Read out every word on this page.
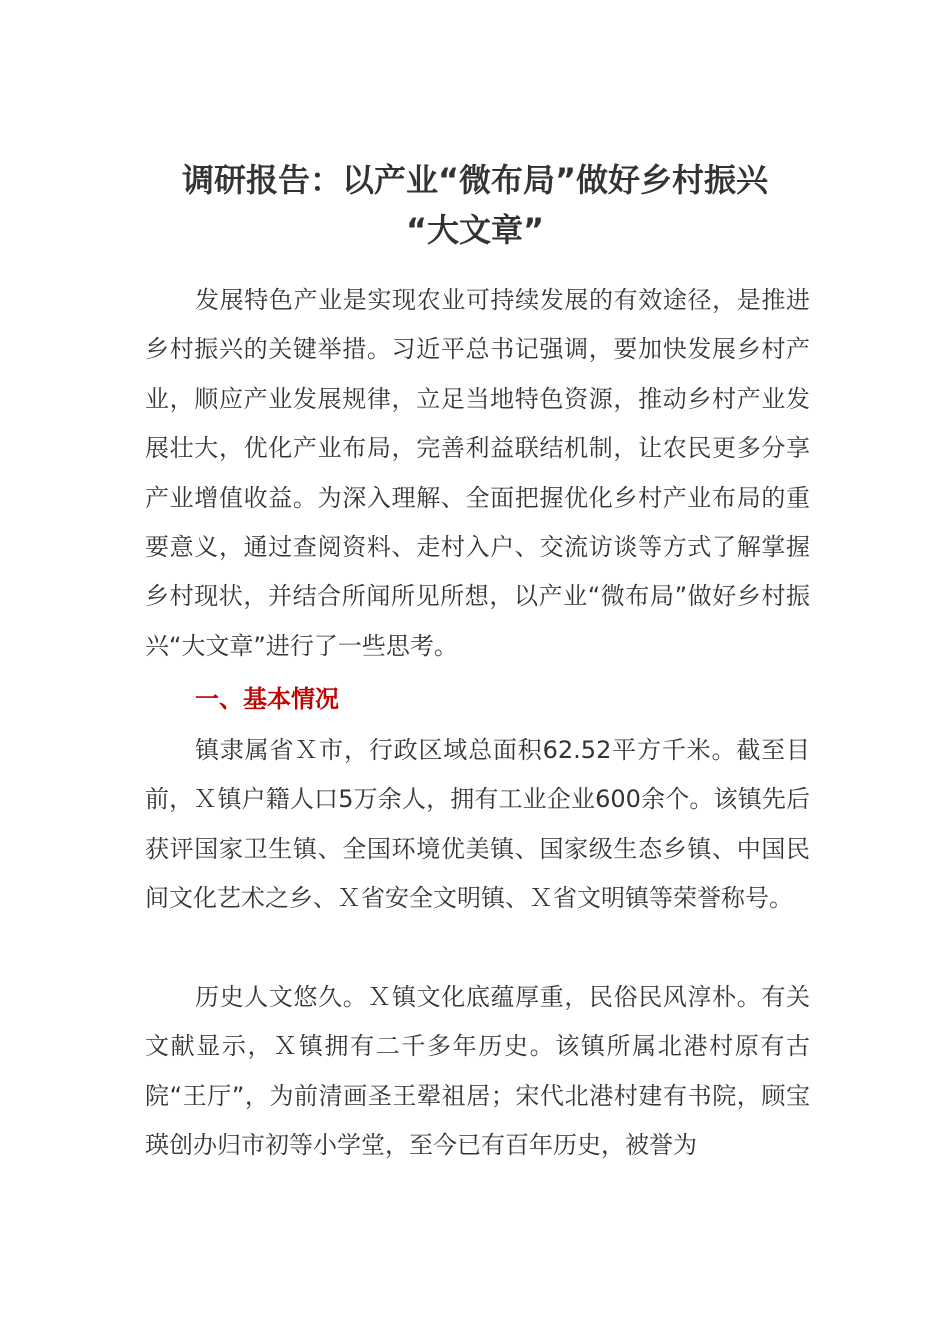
调研报告：以产业“微布局”做好乡村振兴
“大文章”

发展特色产业是实现农业可持续发展的有效途径，是推进乡村振兴的关键举措。习近平总书记强调，要加快发展乡村产业，顺应产业发展规律，立足当地特色资源，推动乡村产业发展壮大，优化产业布局，完善利益联结机制，让农民更多分享产业增值收益。为深入理解、全面把握优化乡村产业布局的重要意义，通过查阅资料、走村入户、交流访谈等方式了解掌握乡村现状，并结合所闻所见所想，以产业“微布局”做好乡村振兴“大文章”进行了一些思考。

一、基本情况

镇隶属省Ｘ市，行政区域总面积62.52平方千米。截至目前，Ｘ镇户籍人口5万余人，拥有工业企业600余个。该镇先后获评国家卫生镇、全国环境优美镇、国家级生态乡镇、中国民间文化艺术之乡、Ｘ省安全文明镇、Ｘ省文明镇等荣誉称号。

历史人文悠久。Ｘ镇文化底蕴厚重，民俗民风淳朴。有关文献显示，Ｘ镇拥有二千多年历史。该镇所属北港村原有古院“王厅”，为前清画圣王翚祖居；宋代北港村建有书院，顾宝瑛创办归市初等小学堂，至今已有百年历史，被誉为
